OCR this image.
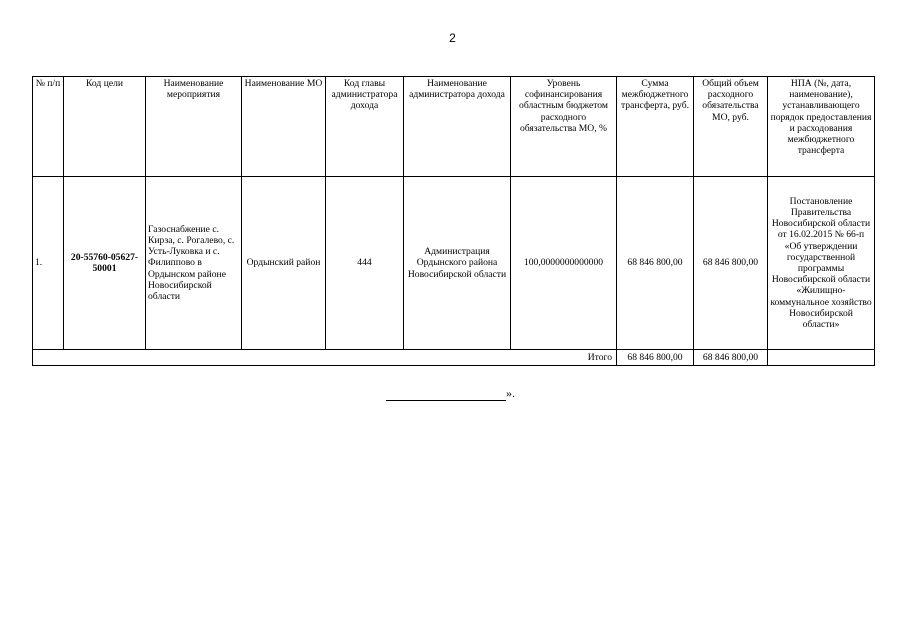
2
№ п/п	Код цели	Наименование мероприятия	Наименование МО	Код главы администратора дохода	Наименование администратора дохода	Уровень софинансирования областным бюджетом расходного обязательства МО, %	Сумма межбюджетного трансферта, руб.	Общий объем расходного обязательства МО, руб.	НПА (№, дата, наименование), устанавливающего порядок предоставления и расходования межбюджетного трансферта
1.	20-55760-05627-50001	Газоснабжение с. Кирза, с. Рогалево, с. Усть-Луковка и с. Филиппово в Ордынском районе Новосибирской области	Ордынский район	444	Администрация Ордынского района Новосибирской области	100,0000000000000	68 846 800,00	68 846 800,00	Постановление Правительства Новосибирской области от 16.02.2015 № 66-п «Об утверждении государственной программы Новосибирской области «Жилищно-коммунальное хозяйство Новосибирской области»
Итого							68 846 800,00	68 846 800,00	
».
